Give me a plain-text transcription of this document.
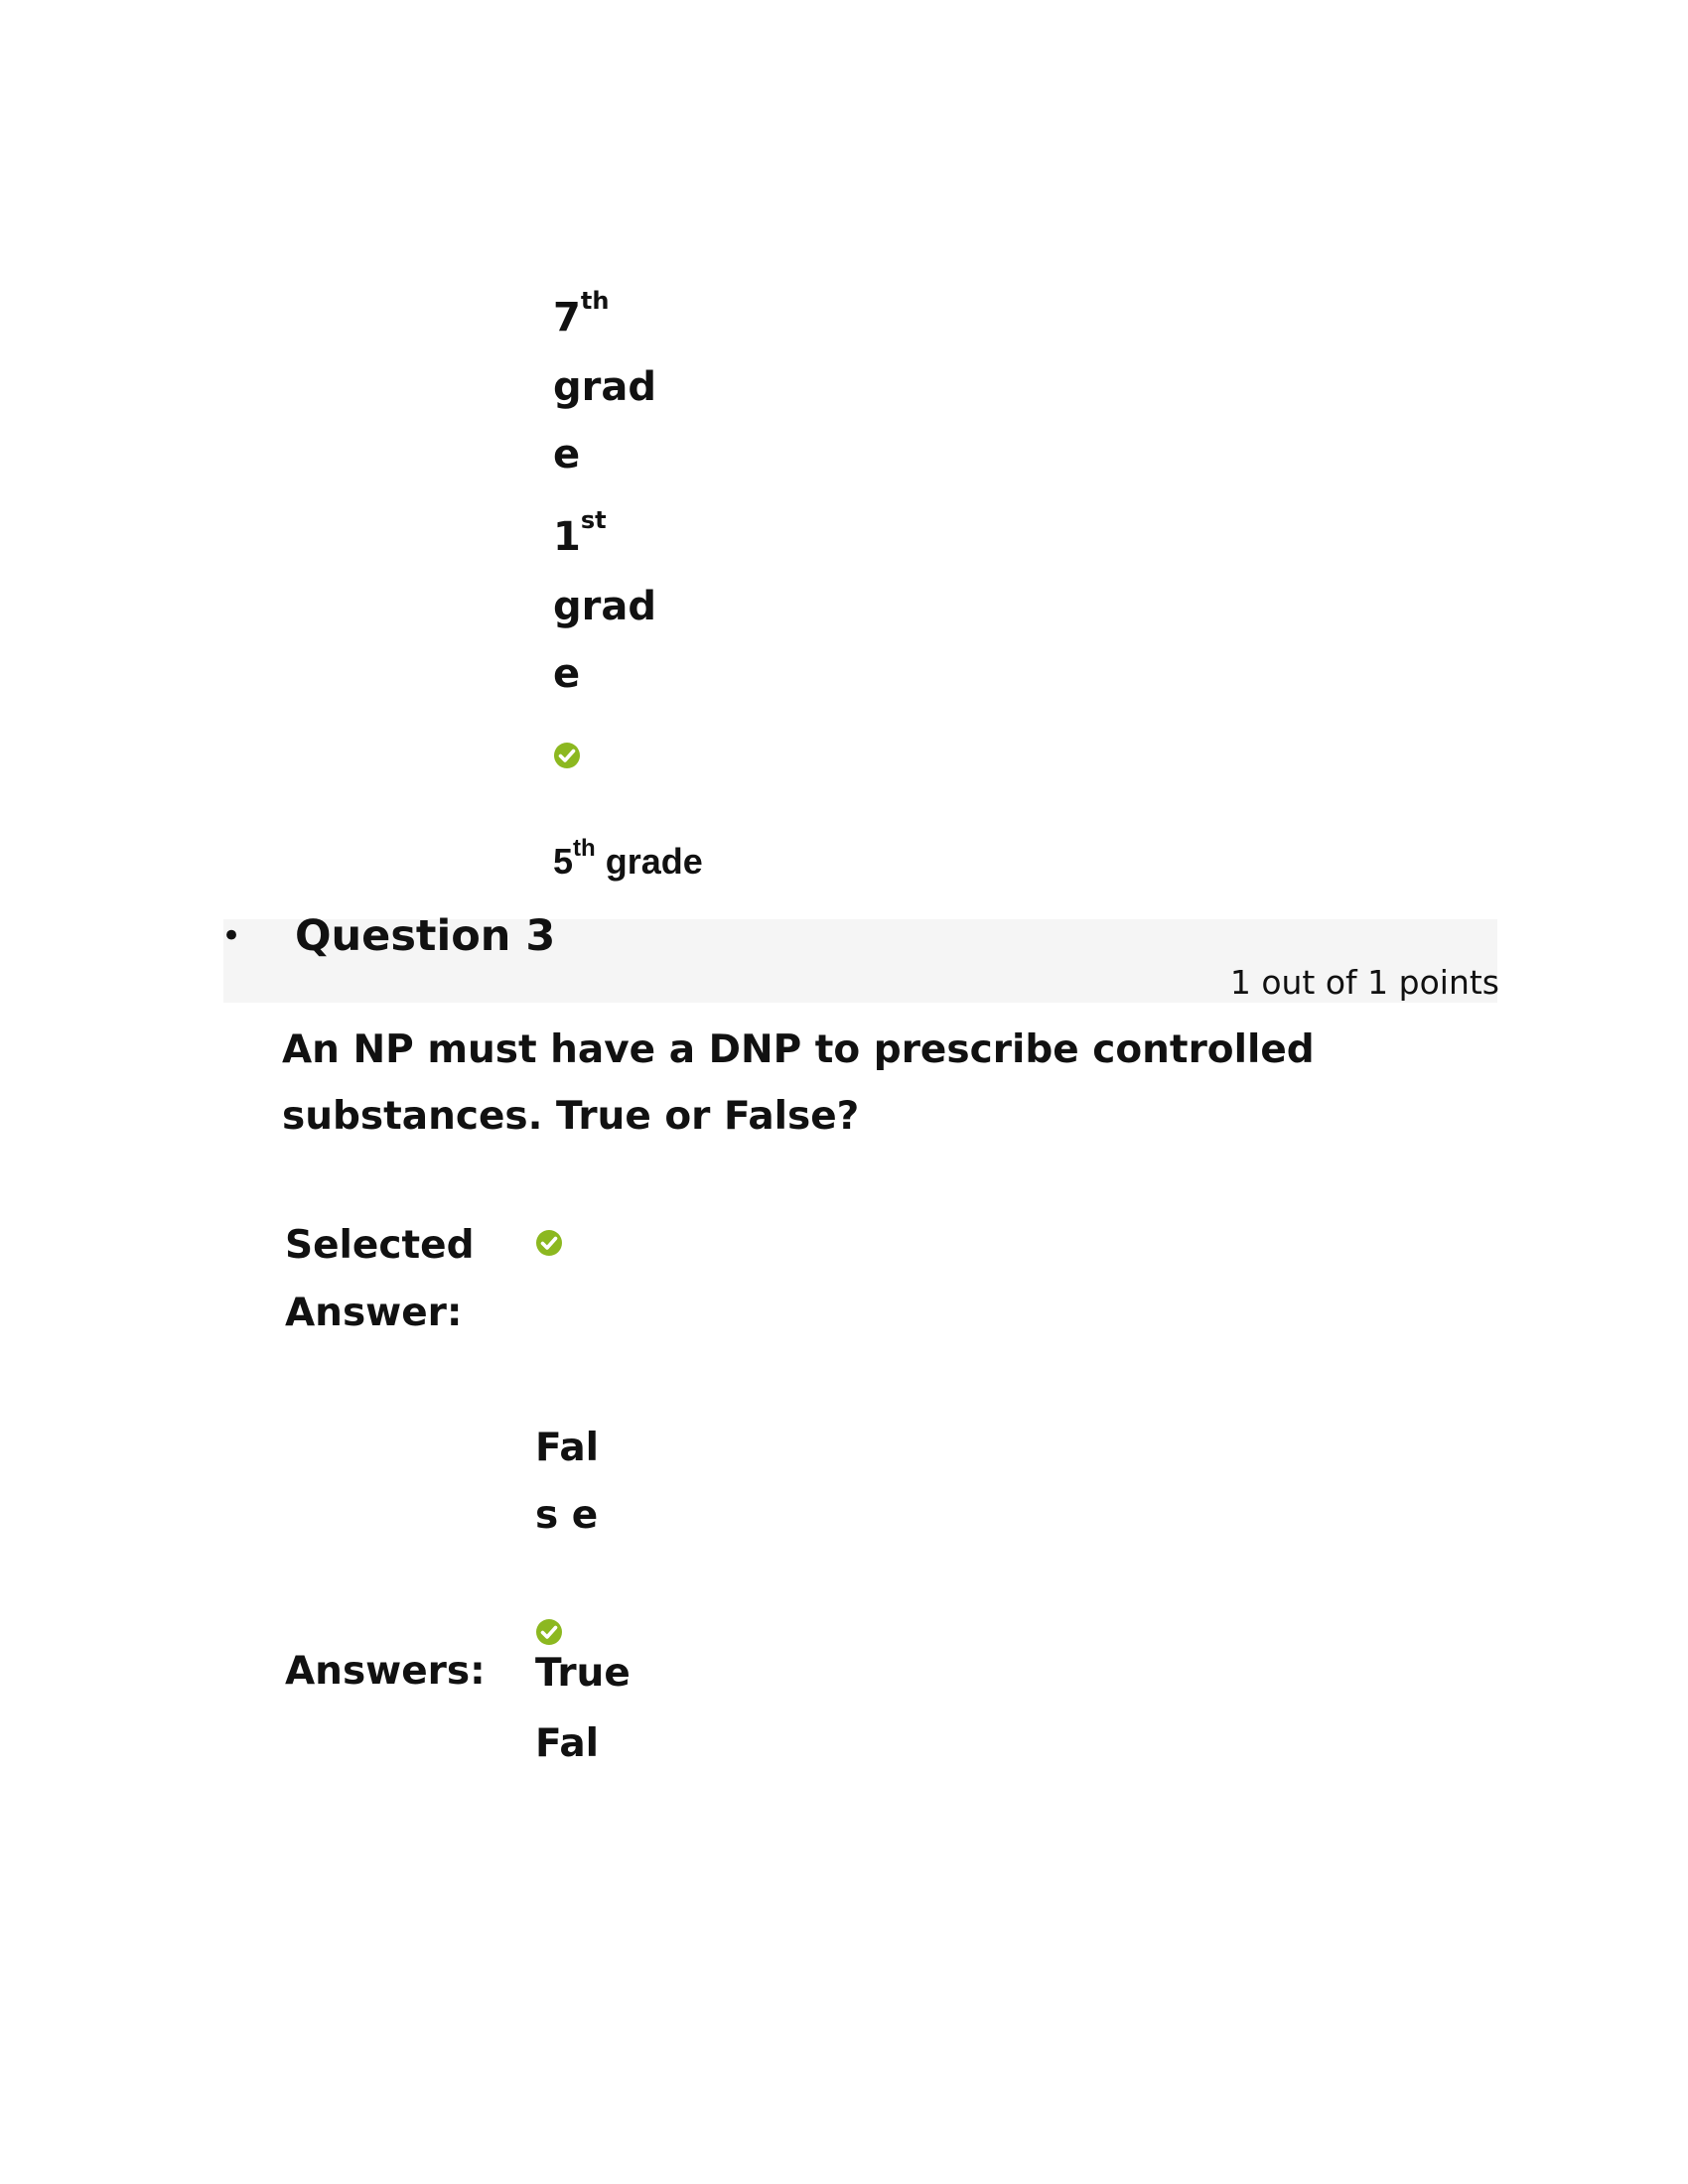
7th
grad
e
1st
grad
e
5th grade
• Question 3
1 out of 1 points
An NP must have a DNP to prescribe controlled substances. True or False?
Selected
Answer:
Fal
s e
Answers: True
Fal
